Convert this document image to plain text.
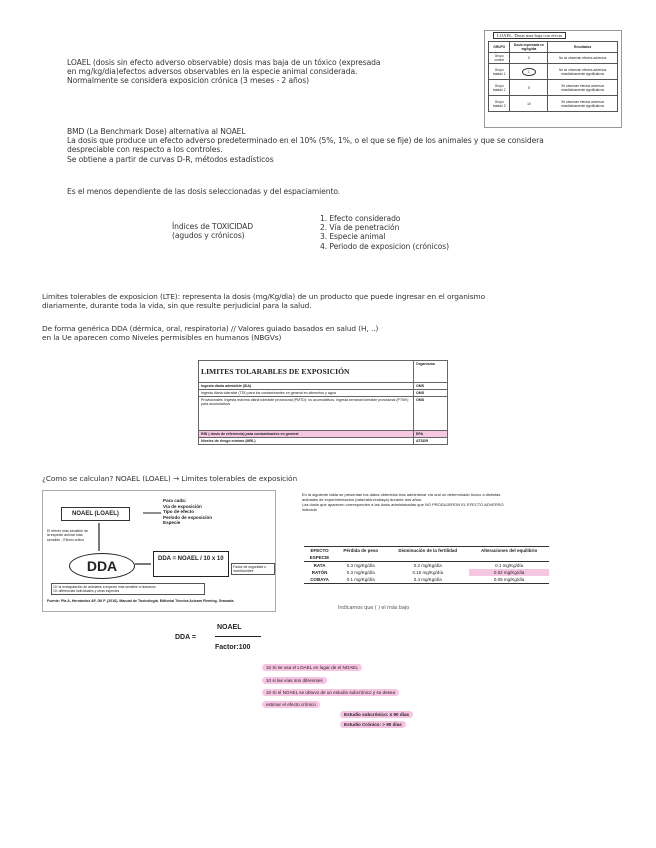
LOAEL. Dosis mas baja con efecto
GRUPO	Dosis expresada en mg/kg/dia	Resultados
Grupo control	0	No se observan efectos adversos
Grupo tratado 1	1	No se observan efectos adversos estadisticamente significativos
Grupo tratado 2	5	Se observan efectos adversos estadisticamente significativos
Grupo tratado 3	10	Se observan efectos adversos estadisticamente significativos
LOAEL (dosis sin efecto adverso observable) dosis mas baja de un tóxico (expresada
en mg/kg/dia)efectos adversos observables en la especie animal considerada.
Normalmente se considera exposicion crónica (3 meses - 2 años)
BMD (La Benchmark Dose) alternativa al NOAEL
La dosis que produce un efecto adverso predeterminado en el 10% (5%, 1%, o el que se fije) de los animales y que se considera
despreciable con respecto a los controles.
Se obtiene a partir de curvas D-R, métodos estadísticos
Es el menos dependiente de las dosis seleccionadas y del espaciamiento.
Índices de TOXICIDAD
(agudos y crónicos)
1. Efecto considerado
2. Vía de penetración
3. Especie animal
4. Periodo de exposicion (crónicos)
Limites tolerables de exposicion (LTE): representa la dosis (mg/Kg/dia) de un producto que puede ingresar en el organismo
diariamente, durante toda la vida, sin que resulte perjudicial para la salud.
De forma genérica DDA (dérmica, oral, respiratoria) // Valores guiado basados en salud (H, ..)
en la Ue aparecen como Niveles permisibles en humanos (NBGVs)
LIMITES TOLARABLES DE EXPOSICIÓN	Organismo
Ingesta diaria admisible (IDA)	OMS
Ingesta diaria tolerable (TDI) para los contaminantes en general en alimentos y agua	OMS
Provisionales: Ingesta máxima diaria tolerable provisional (PMTD): no acumulativos. Ingesta semanal tolerable provisional (PTWI): para acumulativos	OMS
RfD ( dosis de referencia) para contaminantes en general	EPA
Niveles de riesgo mínimo (MRL)	ATSDR
¿Como se calculan? NOAEL (LOAEL) → Limites tolerables de exposición
NOAEL (LOAEL)
Para cada:
Vía de exposición
Tipo de efecto
Período de exposición
Especie
El efecto más sensible de la especie animal más sensible - Efecto crítico
DDA	DDA = NOAEL / 10 x 10
Factor de seguridad o incertidumbre
10: la extrapolación de animales a especie más sensible a humanos
10: diferencias individuales y otras especies
Fuente: Pla A, Hernández AF, Gil F. (2016). Manual de Toxicología. Editorial Técnica Avicam Fleming. Granada.
En la siguiente tabla se presentan los datos obtenidos tras administrar vía oral un determinado tóxico a distintas
animales de experimentación (rata/ratón/cobaya) durante dos años.
Las dosis que aparecen corresponden a las dosis administradas que NO PRODUJERON EL EFECTO ADVERSO
indicado
EFECTO	Pérdida de peso	Disminución de la fertilidad	Alteraciones del equilibrio
ESPECIE			
RATA	0.3 mg/Kg/día	0.2 mg/Kg/día	0.1 mg/Kg/día
RATÓN	0.3 mg/Kg/día	0.15 mg/Kg/día	0.02 mg/Kg/día
COBAYA	0.1 mg/Kg/día	0.4 mg/Kg/día	0.05 mg/Kg/día
Indicamos que ( ) el más bajo
DDA =
NOAEL
Factor:100
10 Si se usa el LOAEL en lugar de el NOAEL
10 si las vías son diferentes
10 Si el NOAEL se obtuvo de un estudio subcrónico y se desea
estimar el efecto crónico
Estudio subcrónico: ≤ 90 días
Estudio Crónico: > 90 días
